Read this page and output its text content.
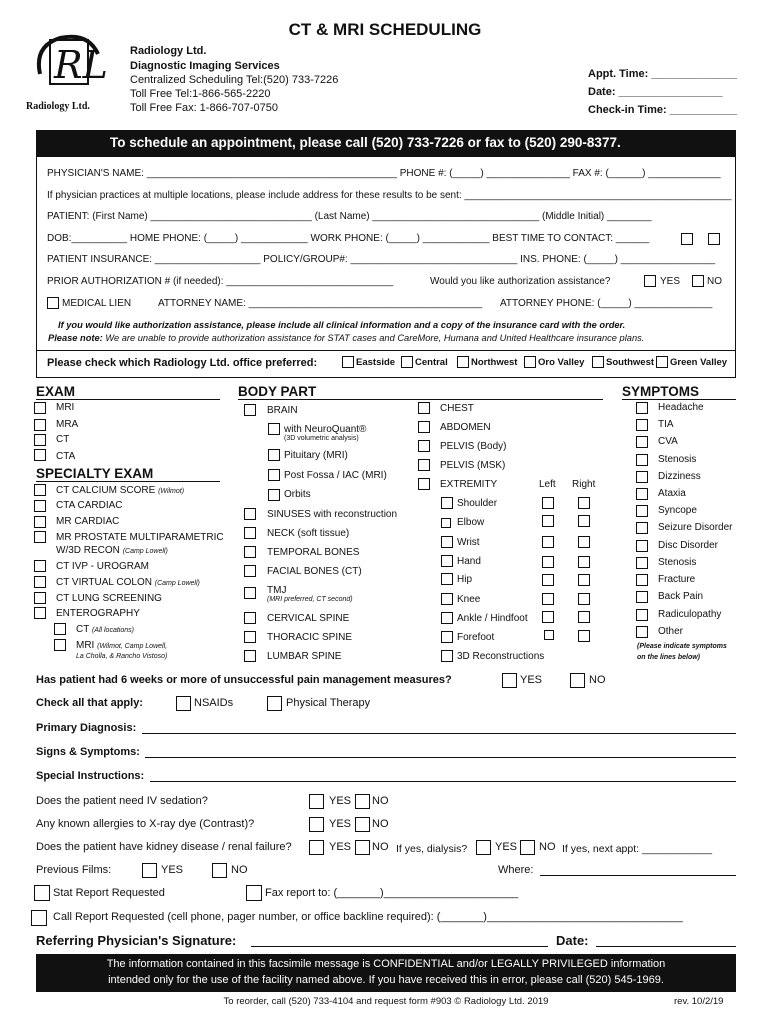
CT & MRI SCHEDULING
RL
Radiology Ltd.
Radiology Ltd.
Diagnostic Imaging Services
Centralized Scheduling Tel:(520) 733-7226
Toll Free Tel:1-866-565-2220
Toll Free Fax: 1-866-707-0750
Appt. Time: ______________
Date: _________________
Check-in Time: ___________
To schedule an appointment, please call (520) 733-7226 or fax to (520) 290-8377.
PHYSICIAN'S NAME: _____________________________________________ PHONE #: (_____) _______________ FAX #: (______) _____________
If physician practices at multiple locations, please include address for these results to be sent: ________________________________________________
PATIENT: (First Name) _____________________________ (Last Name) ______________________________ (Middle Initial) ________
DOB:__________ HOME PHONE: (_____) ____________ WORK PHONE: (_____) ____________ BEST TIME TO CONTACT: ______
PATIENT INSURANCE: ___________________ POLICY/GROUP#: ______________________________ INS. PHONE: (_____) _________________
PRIOR AUTHORIZATION # (if needed): ______________________________	Would you like authorization assistance?	YES	NO
MEDICAL LIEN	ATTORNEY NAME: __________________________________________ ATTORNEY PHONE: (_____) ______________
If you would like authorization assistance, please include all clinical information and a copy of the insurance card with the order.
Please note: We are unable to provide authorization assistance for STAT cases and CareMore, Humana and United Healthcare insurance plans.
Please check which Radiology Ltd. office preferred:	Eastside Central Northwest Oro Valley Southwest Green Valley
EXAM
MRI
MRA
CT
CTA
SPECIALTY EXAM
CT CALCIUM SCORE (Wilmot)
CTA CARDIAC
MR CARDIAC
MR PROSTATE MULTIPARAMETRIC
W/3D RECON (Camp Lowell)
CT IVP - UROGRAM
CT VIRTUAL COLON (Camp Lowell)
CT LUNG SCREENING
ENTEROGRAPHY
CT (All locations)
MRI (Wilmot, Camp Lowell,
La Cholla, & Rancho Vistoso)
BODY PART
BRAIN
with NeuroQuant®
(3D volumetric analysis)
Pituitary (MRI)
Post Fossa / IAC (MRI)
Orbits
SINUSES with reconstruction
NECK (soft tissue)
TEMPORAL BONES
FACIAL BONES (CT)
TMJ
(MRI preferred, CT second)
CERVICAL SPINE
THORACIC SPINE
LUMBAR SPINE
CHEST
ABDOMEN
PELVIS (Body)
PELVIS (MSK)
EXTREMITY	Left Right
Shoulder
Elbow
Wrist
Hand
Hip
Knee
Ankle / Hindfoot
Forefoot
3D Reconstructions
SYMPTOMS
Headache
TIA
CVA
Stenosis
Dizziness
Ataxia
Syncope
Seizure Disorder
Disc Disorder
Stenosis
Fracture
Back Pain
Radiculopathy
Other
(Please indicate symptoms
on the lines below)
Has patient had 6 weeks or more of unsuccessful pain management measures?	YES	NO
Check all that apply:	NSAIDs	Physical Therapy
Primary Diagnosis:
Signs & Symptoms:
Special Instructions:
Does the patient need IV sedation?	YES NO
Any known allergies to X-ray dye (Contrast)?	YES NO
Does the patient have kidney disease / renal failure?	YES NO If yes, dialysis?	YES NO If yes, next appt: ____________
Previous Films:	YES	NO	Where:
Stat Report Requested	Fax report to: (_______)______________________
Call Report Requested (cell phone, pager number, or office backline required): (_______)________________________________
Referring Physician's Signature:	Date:
The information contained in this facsimile message is CONFIDENTIAL and/or LEGALLY PRIVILEGED information
intended only for the use of the facility named above. If you have received this in error, please call (520) 545-1969.
To reorder, call (520) 733-4104 and request form #903 © Radiology Ltd. 2019	rev. 10/2/19
